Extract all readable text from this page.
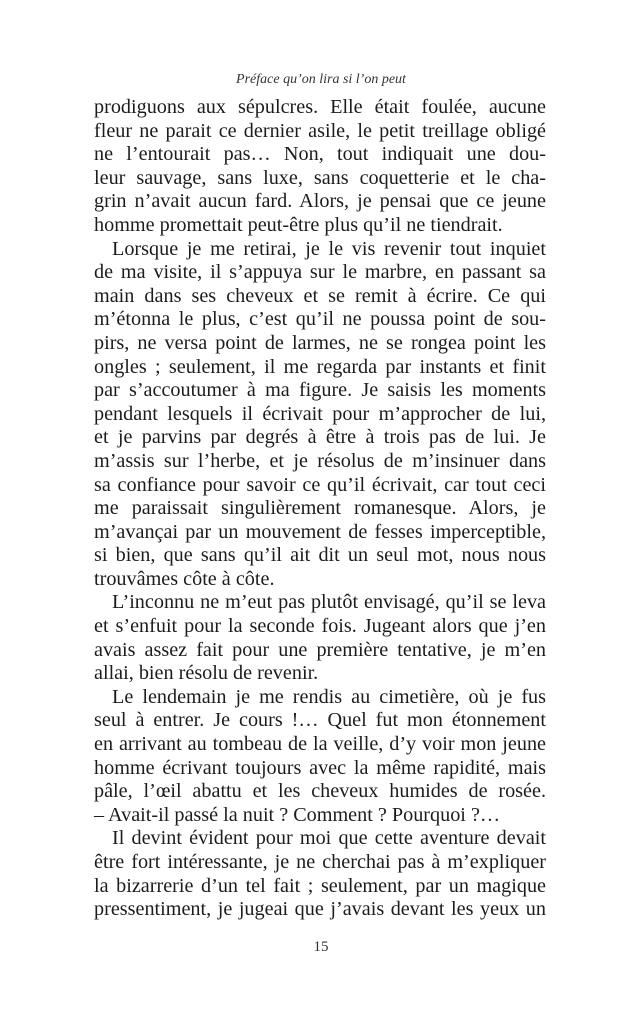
Préface qu’on lira si l’on peut
prodiguons aux sépulcres. Elle était foulée, aucune
fleur ne parait ce dernier asile, le petit treillage obligé
ne l’entourait pas… Non, tout indiquait une dou-
leur sauvage, sans luxe, sans coquetterie et le cha-
grin n’avait aucun fard. Alors, je pensai que ce jeune
homme promettait peut-être plus qu’il ne tiendrait.
Lorsque je me retirai, je le vis revenir tout inquiet
de ma visite, il s’appuya sur le marbre, en passant sa
main dans ses cheveux et se remit à écrire. Ce qui
m’étonna le plus, c’est qu’il ne poussa point de sou-
pirs, ne versa point de larmes, ne se rongea point les
ongles ; seulement, il me regarda par instants et finit
par s’accoutumer à ma figure. Je saisis les moments
pendant lesquels il écrivait pour m’approcher de lui,
et je parvins par degrés à être à trois pas de lui. Je
m’assis sur l’herbe, et je résolus de m’insinuer dans
sa confiance pour savoir ce qu’il écrivait, car tout ceci
me paraissait singulièrement romanesque. Alors, je
m’avançai par un mouvement de fesses imperceptible,
si bien, que sans qu’il ait dit un seul mot, nous nous
trouvâmes côte à côte.
L’inconnu ne m’eut pas plutôt envisagé, qu’il se leva
et s’enfuit pour la seconde fois. Jugeant alors que j’en
avais assez fait pour une première tentative, je m’en
allai, bien résolu de revenir.
Le lendemain je me rendis au cimetière, où je fus
seul à entrer. Je cours !… Quel fut mon étonnement
en arrivant au tombeau de la veille, d’y voir mon jeune
homme écrivant toujours avec la même rapidité, mais
pâle, l’œil abattu et les cheveux humides de rosée.
– Avait-il passé la nuit ? Comment ? Pourquoi ?…
Il devint évident pour moi que cette aventure devait
être fort intéressante, je ne cherchai pas à m’expliquer
la bizarrerie d’un tel fait ; seulement, par un magique
pressentiment, je jugeai que j’avais devant les yeux un
15
